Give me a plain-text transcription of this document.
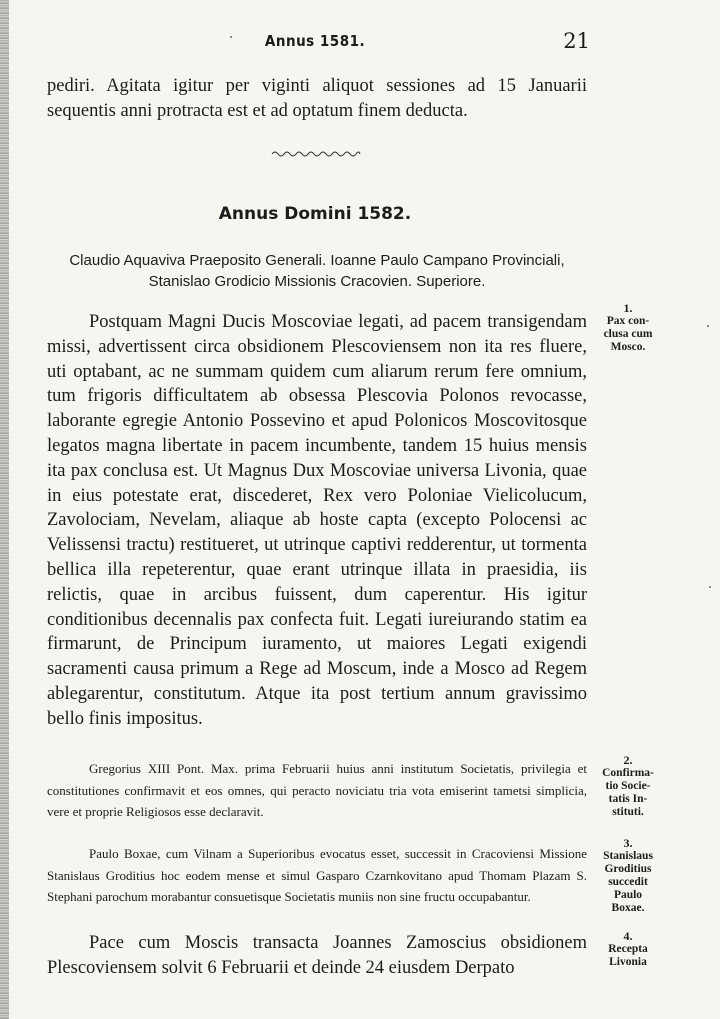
Annus 1581.	21

pediri. Agitata igitur per viginti aliquot sessiones ad 15 Januarii sequentis anni protracta est et ad optatum finem deducta.

Annus Domini 1582.
Claudio Aquaviva Praeposito Generali. Ioanne Paulo Campano Provinciali,
Stanislao Grodicio Missionis Cracovien. Superiore.

Postquam Magni Ducis Moscoviae legati, ad pacem transigendam missi, advertissent circa obsidionem Plescoviensem non ita res fluere, uti optabant, ac ne summam quidem cum aliarum rerum fere omnium, tum frigoris difficultatem ab obsessa Plescovia Polonos revocasse, laborante egregie Antonio Possevino et apud Polonicos Moscovitosque legatos magna libertate in pacem incumbente, tandem 15 huius mensis ita pax conclusa est. Ut Magnus Dux Moscoviae universa Livonia, quae in eius potestate erat, discederet, Rex vero Poloniae Vielicolucum, Zavolociam, Nevelam, aliaque ab hoste capta (excepto Polocensi ac Velissensi tractu) restitueret, ut utrinque captivi redderentur, ut tormenta bellica illa repeterentur, quae erant utrinque illata in praesidia, iis relictis, quae in arcibus fuissent, dum caperentur. His igitur conditionibus decennalis pax confecta fuit. Legati iureiurando statim ea firmarunt, de Principum iuramento, ut maiores Legati exigendi sacramenti causa primum a Rege ad Moscum, inde a Mosco ad Regem ablegarentur, constitutum. Atque ita post tertium annum gravissimo bello finis impositus.

Gregorius XIII Pont. Max. prima Februarii huius anni institutum Societatis, privilegia et constitutiones confirmavit et eos omnes, qui peracto noviciatu tria vota emiserint tametsi simplicia, vere et proprie Religiosos esse declaravit.

Paulo Boxae, cum Vilnam a Superioribus evocatus esset, successit in Cracoviensi Missione Stanislaus Groditius hoc eodem mense et simul Gasparo Czarnkovitano apud Thomam Plazam S. Stephani parochum morabantur consuetisque Societatis muniis non sine fructu occupabantur.

Pace cum Moscis transacta Joannes Zamoscius obsidionem Plescoviensem solvit 6 Februarii et deinde 24 eiusdem Derpato

1.
Pax con-
clusa cum
Mosco.
2.
Confirma-
tio Socie-
tatis In-
stituti.
3.
Stanislaus
Groditius
succedit
Paulo
Boxae.
4.
Recepta
Livonia
